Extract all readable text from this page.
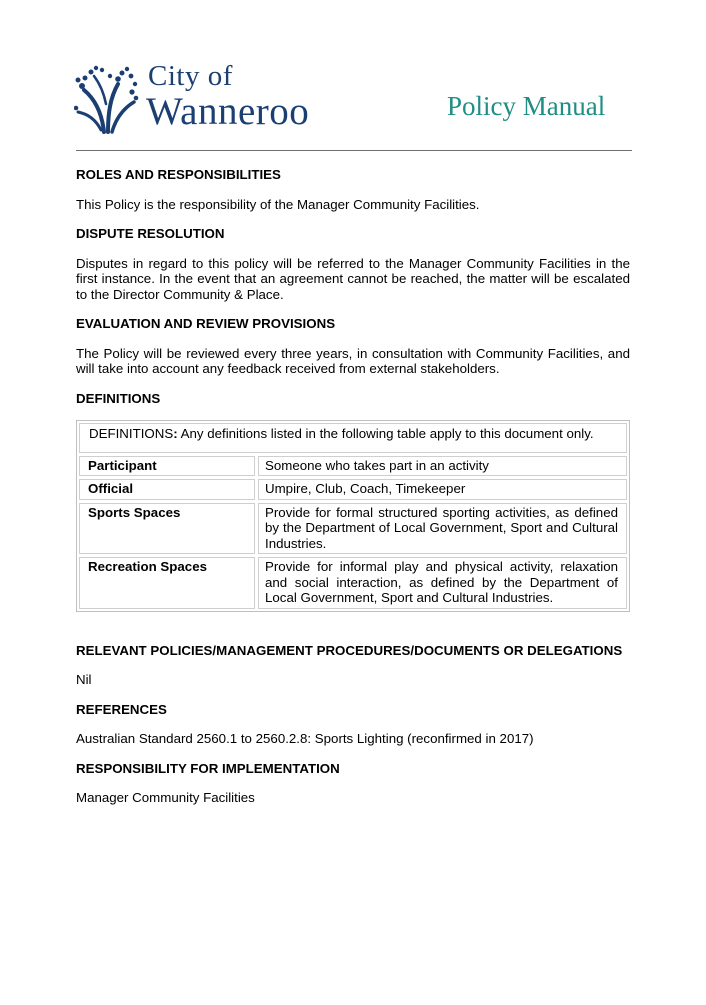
City of
Wanneroo	Policy Manual
ROLES AND RESPONSIBILITIES
This Policy is the responsibility of the Manager Community Facilities.
DISPUTE RESOLUTION
Disputes in regard to this policy will be referred to the Manager Community Facilities in the first instance. In the event that an agreement cannot be reached, the matter will be escalated to the Director Community & Place.
EVALUATION AND REVIEW PROVISIONS
The Policy will be reviewed every three years, in consultation with Community Facilities, and will take into account any feedback received from external stakeholders.
DEFINITIONS
DEFINITIONS: Any definitions listed in the following table apply to this document only.
Participant	Someone who takes part in an activity
Official	Umpire, Club, Coach, Timekeeper
Sports Spaces	Provide for formal structured sporting activities, as defined by the Department of Local Government, Sport and Cultural Industries.
Recreation Spaces	Provide for informal play and physical activity, relaxation and social interaction, as defined by the Department of Local Government, Sport and Cultural Industries.
RELEVANT POLICIES/MANAGEMENT PROCEDURES/DOCUMENTS OR DELEGATIONS
Nil
REFERENCES
Australian Standard 2560.1 to 2560.2.8: Sports Lighting (reconfirmed in 2017)
RESPONSIBILITY FOR IMPLEMENTATION
Manager Community Facilities
